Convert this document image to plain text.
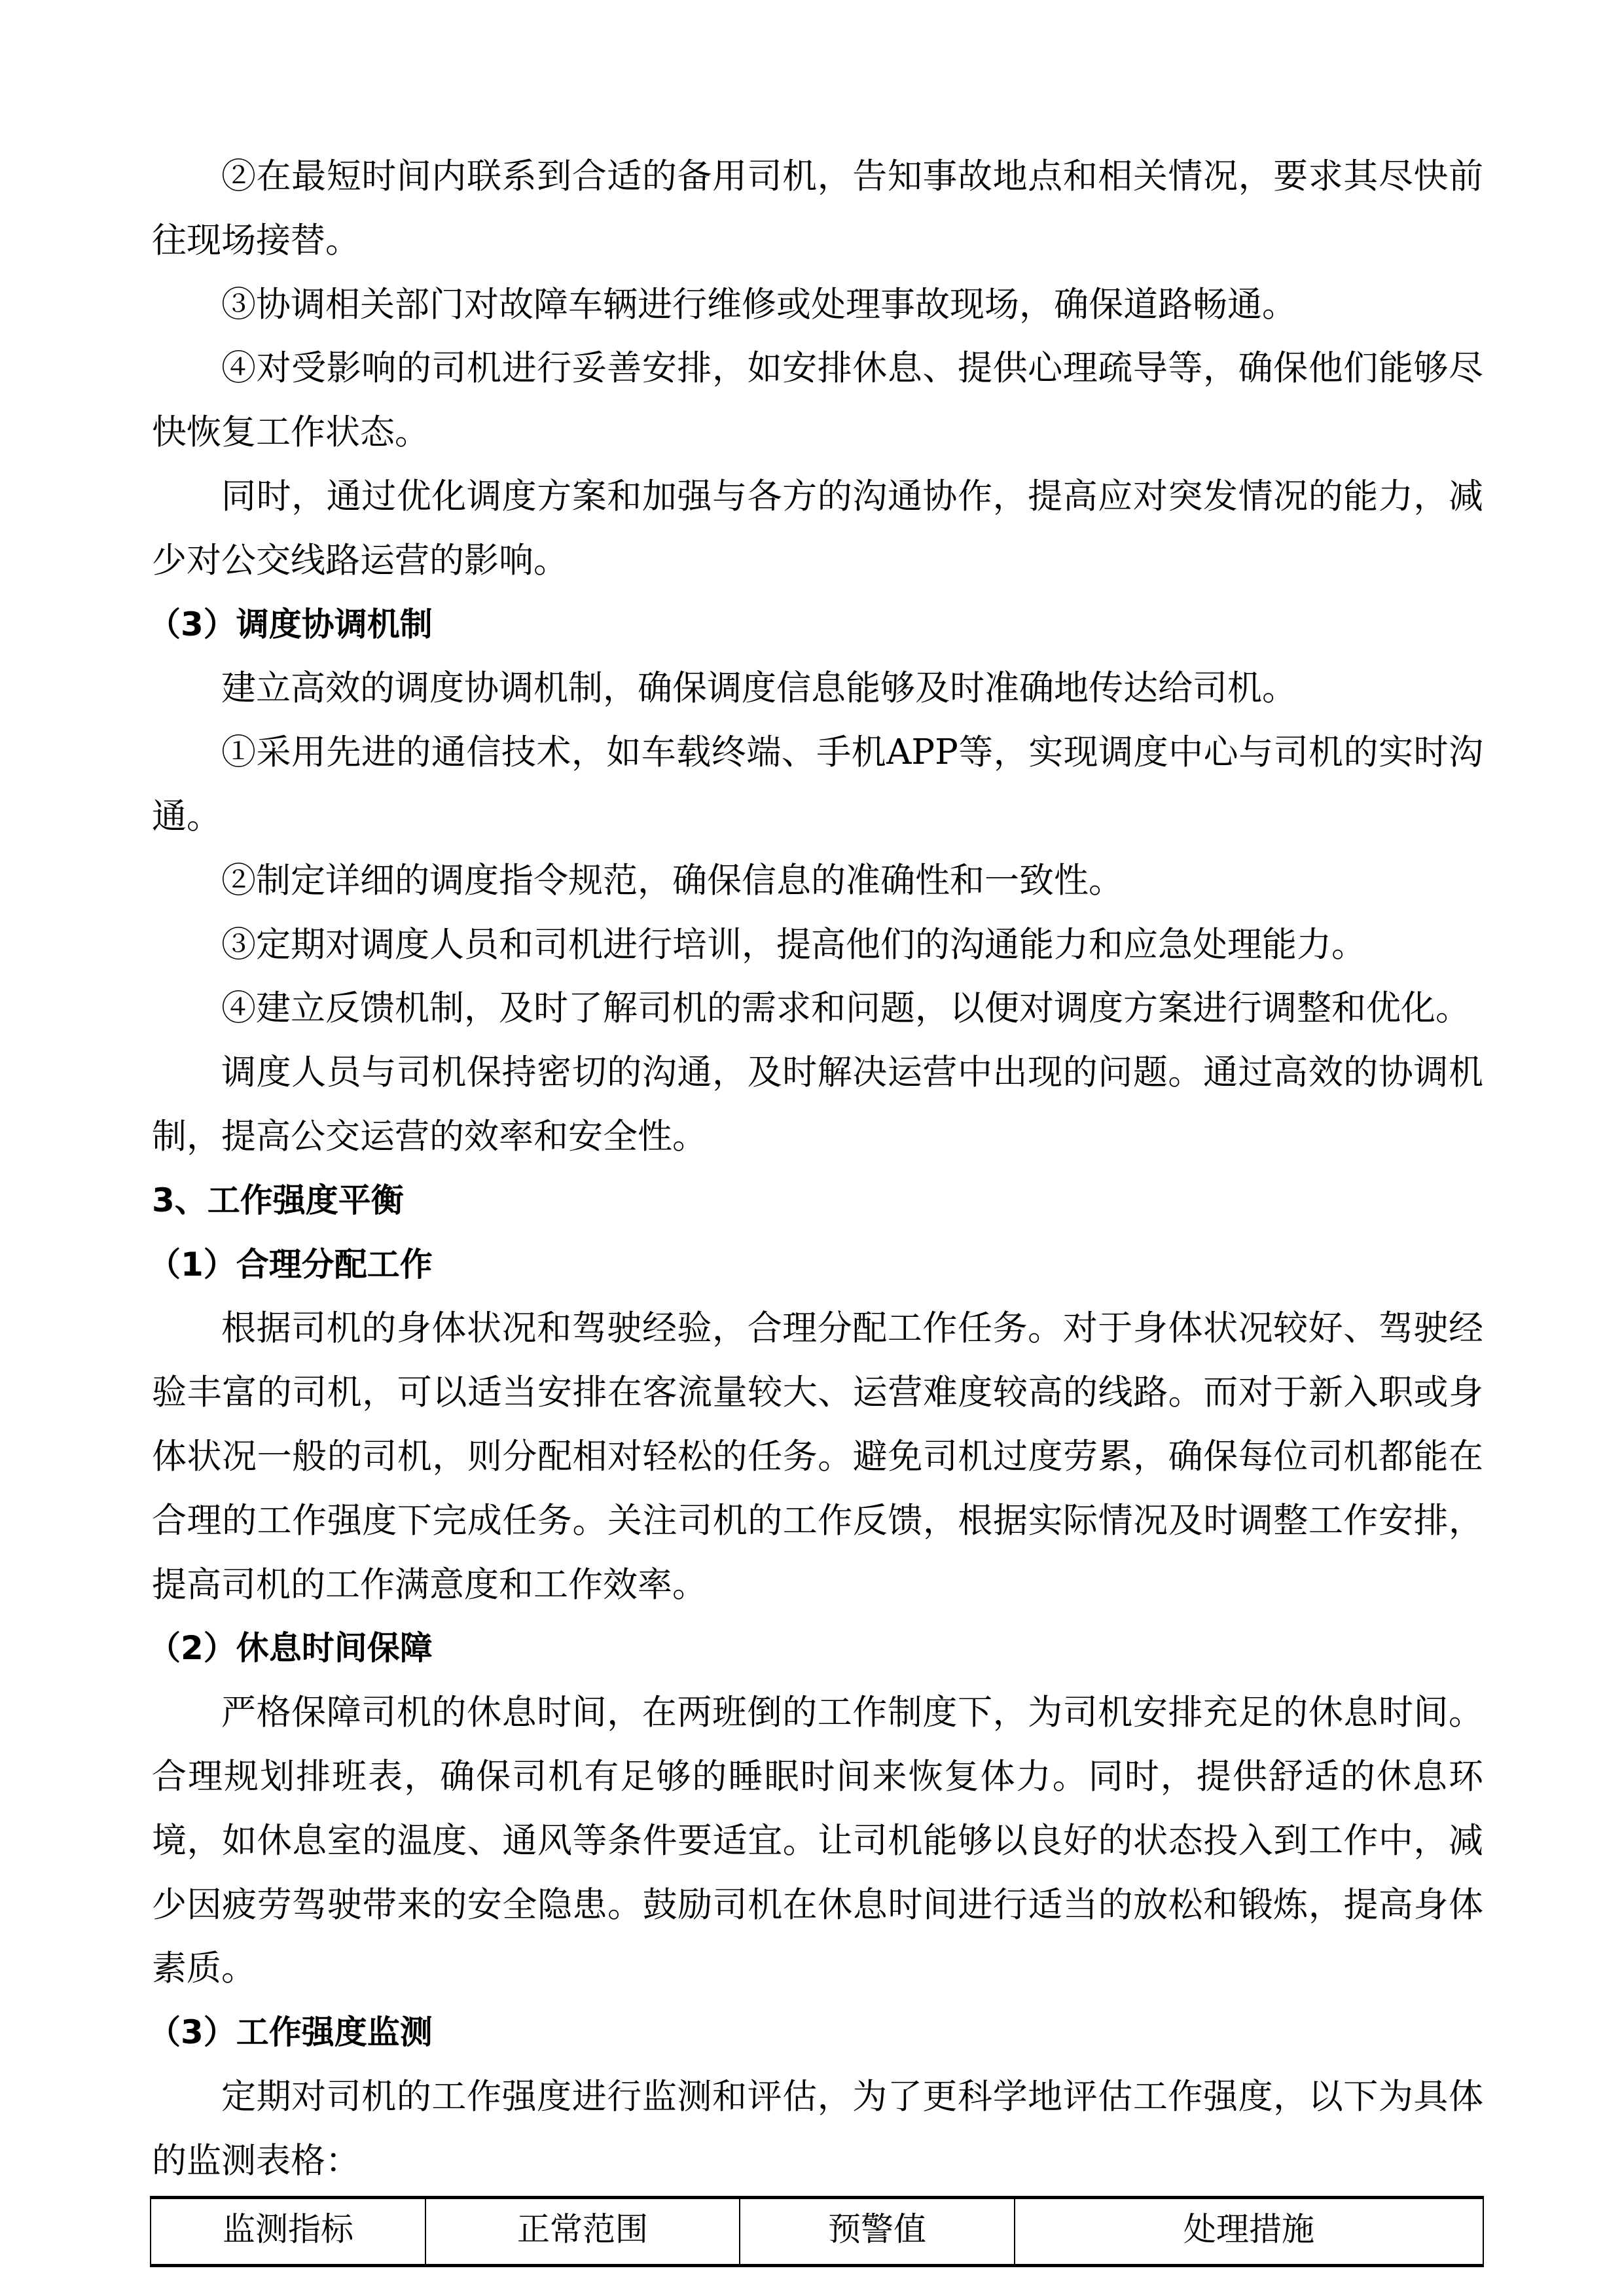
②在最短时间内联系到合适的备用司机，告知事故地点和相关情况，要求其尽快前往现场接替。

③协调相关部门对故障车辆进行维修或处理事故现场，确保道路畅通。

④对受影响的司机进行妥善安排，如安排休息、提供心理疏导等，确保他们能够尽快恢复工作状态。

同时，通过优化调度方案和加强与各方的沟通协作，提高应对突发情况的能力，减少对公交线路运营的影响。

（3）调度协调机制

建立高效的调度协调机制，确保调度信息能够及时准确地传达给司机。

①采用先进的通信技术，如车载终端、手机APP等，实现调度中心与司机的实时沟通。

②制定详细的调度指令规范，确保信息的准确性和一致性。

③定期对调度人员和司机进行培训，提高他们的沟通能力和应急处理能力。

④建立反馈机制，及时了解司机的需求和问题，以便对调度方案进行调整和优化。

调度人员与司机保持密切的沟通，及时解决运营中出现的问题。通过高效的协调机制，提高公交运营的效率和安全性。

3、工作强度平衡
（1）合理分配工作

根据司机的身体状况和驾驶经验，合理分配工作任务。对于身体状况较好、驾驶经验丰富的司机，可以适当安排在客流量较大、运营难度较高的线路。而对于新入职或身体状况一般的司机，则分配相对轻松的任务。避免司机过度劳累，确保每位司机都能在合理的工作强度下完成任务。关注司机的工作反馈，根据实际情况及时调整工作安排，提高司机的工作满意度和工作效率。

（2）休息时间保障

严格保障司机的休息时间，在两班倒的工作制度下，为司机安排充足的休息时间。合理规划排班表，确保司机有足够的睡眠时间来恢复体力。同时，提供舒适的休息环境，如休息室的温度、通风等条件要适宜。让司机能够以良好的状态投入到工作中，减少因疲劳驾驶带来的安全隐患。鼓励司机在休息时间进行适当的放松和锻炼，提高身体素质。

（3）工作强度监测

定期对司机的工作强度进行监测和评估，为了更科学地评估工作强度，以下为具体的监测表格：

监测指标	正常范围	预警值	处理措施
